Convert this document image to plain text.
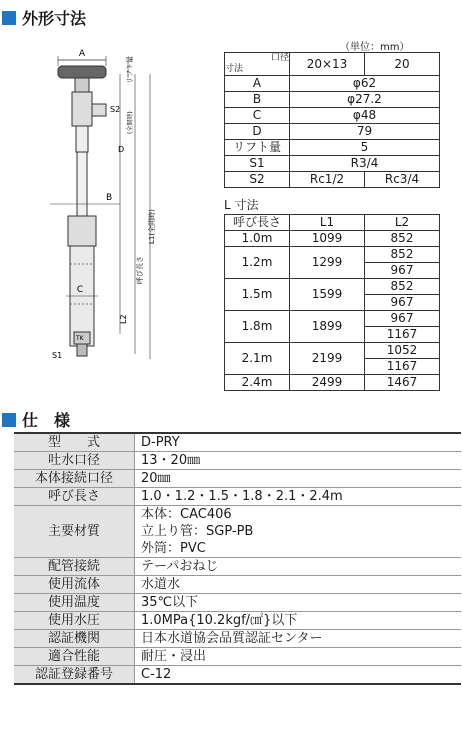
外形寸法
A
S2
B
C
TK
S1
リフト量
D
(全開時)
L1(全開時)
呼び長さ
L2
（単位：mm）
口径
寸法	20×13	20
A	φ62	
B	φ27.2	
C	φ48	
D	79	
リフト量	5	
S1	R3/4	
S2	Rc1/2	Rc3/4
L 寸法
呼び長さ	L1	L2
1.0m	1099	852
1.2m	1299	852
		967
1.5m	1599	852
		967
1.8m	1899	967
		1167
2.1m	2199	1052
		1167
2.4m	2499	1467
仕　様
型　　式	D-PRY

吐水口径	13・20㎜

本体接続口径	20㎜

呼び長さ	1.0・1.2・1.5・1.8・2.1・2.4m

主要材質	本体：CAC406
立上り管：SGP-PB
外筒：PVC

配管接続	テーパおねじ

使用流体	水道水

使用温度	35℃以下

使用水圧	1.0MPa{10.2kgf/㎠}以下

認証機関	日本水道協会品質認証センター

適合性能	耐圧・浸出

認証登録番号	C-12
